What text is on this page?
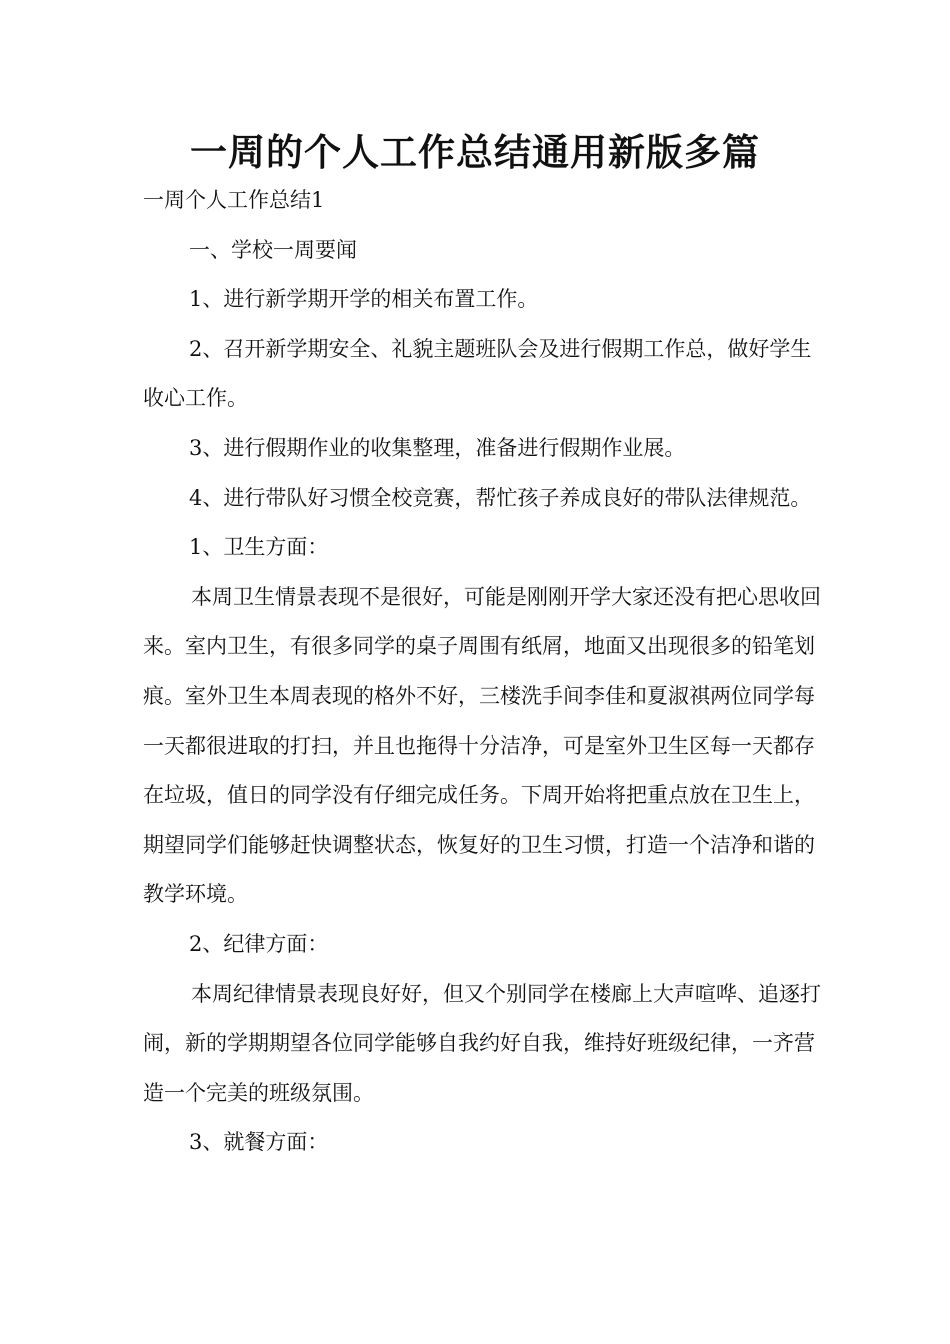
一周的个人工作总结通用新版多篇

一周个人工作总结1

一、学校一周要闻

1、进行新学期开学的相关布置工作。

2、召开新学期安全、礼貌主题班队会及进行假期工作总，做好学生收心工作。

3、进行假期作业的收集整理，准备进行假期作业展。

4、进行带队好习惯全校竞赛，帮忙孩子养成良好的带队法律规范。

1、卫生方面：

本周卫生情景表现不是很好，可能是刚刚开学大家还没有把心思收回来。室内卫生，有很多同学的桌子周围有纸屑，地面又出现很多的铅笔划痕。室外卫生本周表现的格外不好，三楼洗手间李佳和夏淑祺两位同学每一天都很进取的打扫，并且也拖得十分洁净，可是室外卫生区每一天都存在垃圾，值日的同学没有仔细完成任务。下周开始将把重点放在卫生上，期望同学们能够赶快调整状态，恢复好的卫生习惯，打造一个洁净和谐的教学环境。

2、纪律方面：

本周纪律情景表现良好好，但又个别同学在楼廊上大声喧哗、追逐打闹，新的学期期望各位同学能够自我约好自我，维持好班级纪律，一齐营造一个完美的班级氛围。

3、就餐方面：
